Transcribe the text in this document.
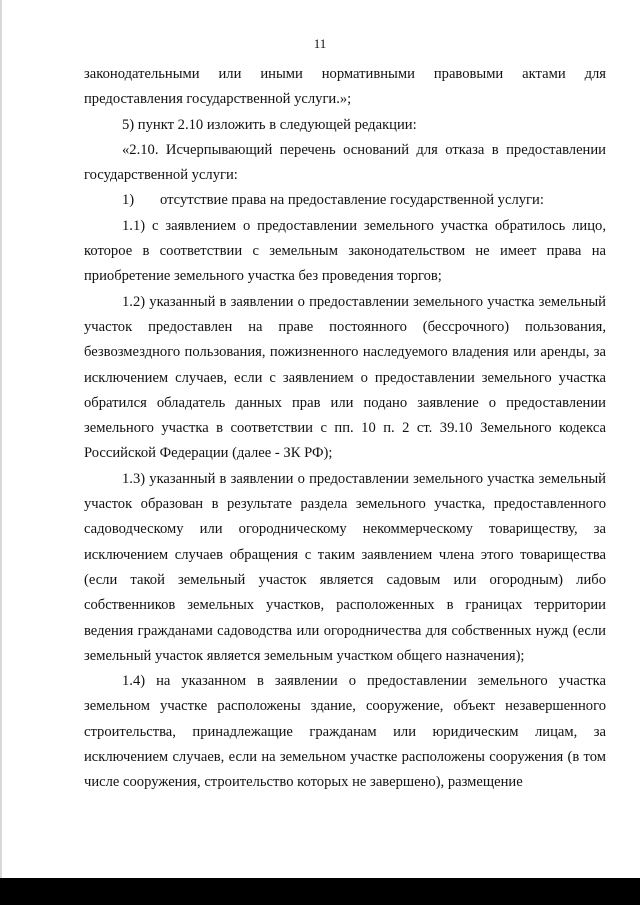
11

законодательными или иными нормативными правовыми актами для предоставления государственной услуги.»;

5) пункт 2.10 изложить в следующей редакции:

«2.10. Исчерпывающий перечень оснований для отказа в предоставлении государственной услуги:

1) отсутствие права на предоставление государственной услуги:

1.1) с заявлением о предоставлении земельного участка обратилось лицо, которое в соответствии с земельным законодательством не имеет права на приобретение земельного участка без проведения торгов;

1.2) указанный в заявлении о предоставлении земельного участка земельный участок предоставлен на праве постоянного (бессрочного) пользования, безвозмездного пользования, пожизненного наследуемого владения или аренды, за исключением случаев, если с заявлением о предоставлении земельного участка обратился обладатель данных прав или подано заявление о предоставлении земельного участка в соответствии с пп. 10 п. 2 ст. 39.10 Земельного кодекса Российской Федерации (далее - ЗК РФ);

1.3) указанный в заявлении о предоставлении земельного участка земельный участок образован в результате раздела земельного участка, предоставленного садоводческому или огородническому некоммерческому товариществу, за исключением случаев обращения с таким заявлением члена этого товарищества (если такой земельный участок является садовым или огородным) либо собственников земельных участков, расположенных в границах территории ведения гражданами садоводства или огородничества для собственных нужд (если земельный участок является земельным участком общего назначения);

1.4) на указанном в заявлении о предоставлении земельного участка земельном участке расположены здание, сооружение, объект незавершенного строительства, принадлежащие гражданам или юридическим лицам, за исключением случаев, если на земельном участке расположены сооружения (в том числе сооружения, строительство которых не завершено), размещение
